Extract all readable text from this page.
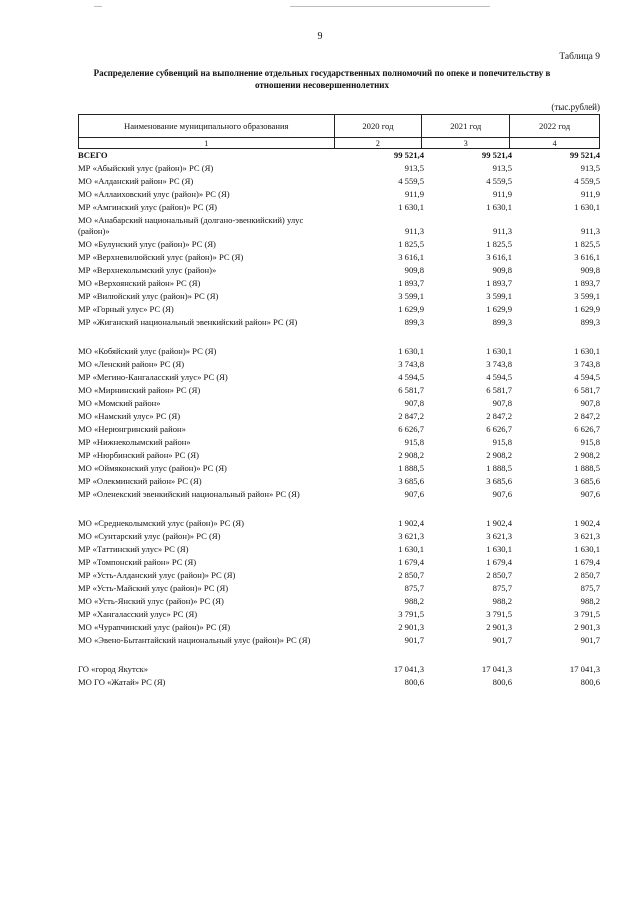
9
Таблица 9
Распределение субвенций на выполнение отдельных государственных полномочий по опеке и попечительству в
отношении несовершеннолетних
(тыс.рублей)
Наименование муниципального образования	2020 год	2021 год	2022 год
1	2	3	4
ВСЕГО	99 521,4	99 521,4	99 521,4
МР «Абыйский улус (район)» РС (Я)	913,5	913,5	913,5
МО «Алданский район» РС (Я)	4 559,5	4 559,5	4 559,5
МО «Аллаиховский улус (район)» РС (Я)	911,9	911,9	911,9
МР «Амгинский улус (район)» РС (Я)	1 630,1	1 630,1	1 630,1
МО «Анабарский национальный (долгано-эвенкийский) улус
(район)»	911,3	911,3	911,3
МО «Булунский улус (район)» РС (Я)	1 825,5	1 825,5	1 825,5
МР «Верхневилюйский улус (район)» РС (Я)	3 616,1	3 616,1	3 616,1
МР «Верхнеколымский улус (район)»	909,8	909,8	909,8
МО «Верхоянский район» РС (Я)	1 893,7	1 893,7	1 893,7
МР «Вилюйский улус (район)» РС (Я)	3 599,1	3 599,1	3 599,1
МР «Горный улус» РС (Я)	1 629,9	1 629,9	1 629,9
МР «Жиганский национальный эвенкийский район» РС (Я)	899,3	899,3	899,3
МО «Кобяйский улус (район)» РС (Я)	1 630,1	1 630,1	1 630,1
МО «Ленский район» РС (Я)	3 743,8	3 743,8	3 743,8
МР «Мегино-Кангаласский улус» РС (Я)	4 594,5	4 594,5	4 594,5
МО «Мирнинский район» РС (Я)	6 581,7	6 581,7	6 581,7
МО «Момский район»	907,8	907,8	907,8
МО «Намский улус» РС (Я)	2 847,2	2 847,2	2 847,2
МО «Нерюнгринский район»	6 626,7	6 626,7	6 626,7
МР «Нижнеколымский район»	915,8	915,8	915,8
МР «Нюрбинский район» РС (Я)	2 908,2	2 908,2	2 908,2
МО «Оймяконский улус (район)» РС (Я)	1 888,5	1 888,5	1 888,5
МР «Олекминский район» РС (Я)	3 685,6	3 685,6	3 685,6
МР «Оленекский эвенкийский национальный район» РС (Я)	907,6	907,6	907,6
МО «Среднеколымский улус (район)» РС (Я)	1 902,4	1 902,4	1 902,4
МО «Сунтарский улус (район)» РС (Я)	3 621,3	3 621,3	3 621,3
МР «Таттинский улус» РС (Я)	1 630,1	1 630,1	1 630,1
МР «Томпонский район» РС (Я)	1 679,4	1 679,4	1 679,4
МР «Усть-Алданский улус (район)» РС (Я)	2 850,7	2 850,7	2 850,7
МР «Усть-Майский улус (район)» РС (Я)	875,7	875,7	875,7
МО «Усть-Янский улус (район)» РС (Я)	988,2	988,2	988,2
МР «Хангаласский улус» РС (Я)	3 791,5	3 791,5	3 791,5
МО «Чурапчинский улус (район)» РС (Я)	2 901,3	2 901,3	2 901,3
МО «Эвено-Бытантайский национальный улус (район)» РС (Я)	901,7	901,7	901,7
ГО «город Якутск»	17 041,3	17 041,3	17 041,3
МО ГО «Жатай» РС (Я)	800,6	800,6	800,6
